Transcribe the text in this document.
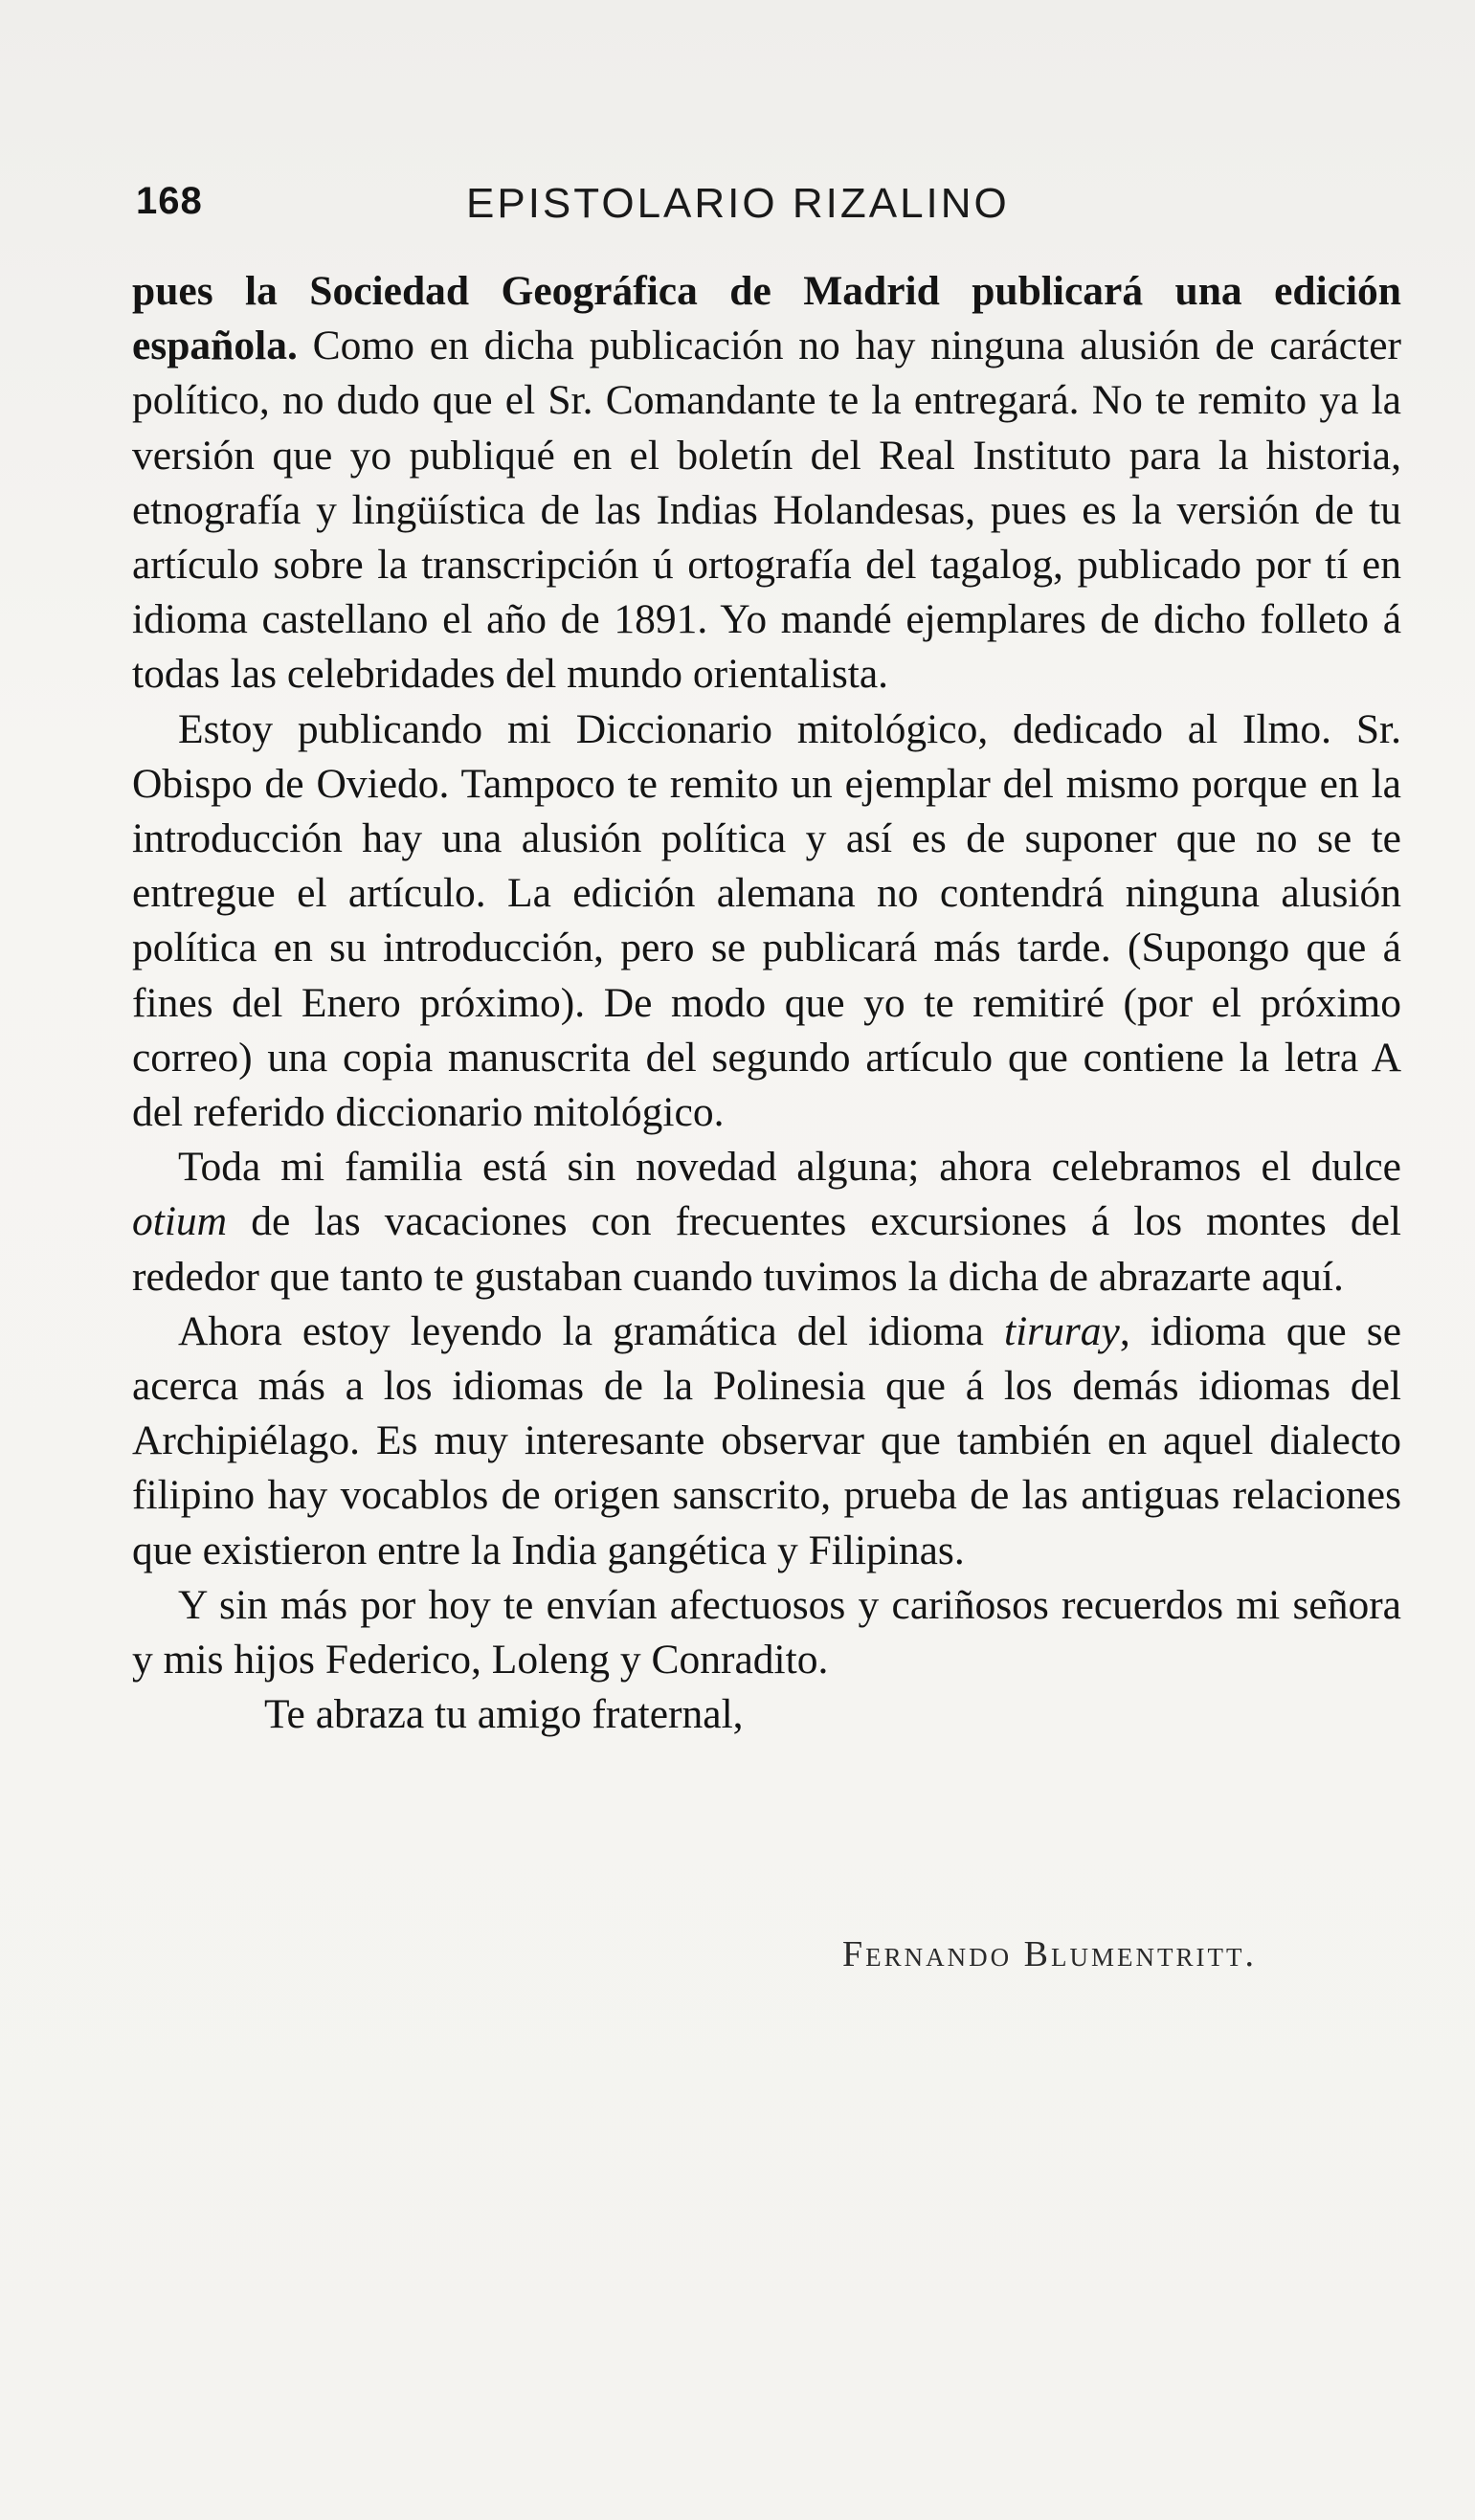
168	EPISTOLARIO RIZALINO

pues la Sociedad Geográfica de Madrid publicará una edición española. Como en dicha publicación no hay ninguna alusión de carácter político, no dudo que el Sr. Comandante te la entregará. No te remito ya la versión que yo publiqué en el boletín del Real Instituto para la historia, etnografía y lingüística de las Indias Holandesas, pues es la versión de tu artículo sobre la transcripción ú ortografía del tagalog, publicado por tí en idioma castellano el año de 1891. Yo mandé ejemplares de dicho folleto á todas las celebridades del mundo orientalista.

Estoy publicando mi Diccionario mitológico, dedicado al Ilmo. Sr. Obispo de Oviedo. Tampoco te remito un ejemplar del mismo porque en la introducción hay una alusión política y así es de suponer que no se te entregue el artículo. La edición alemana no contendrá ninguna alusión política en su introducción, pero se publicará más tarde. (Supongo que á fines del Enero próximo). De modo que yo te remitiré (por el próximo correo) una copia manuscrita del segundo artículo que contiene la letra A del referido diccionario mitológico.

Toda mi familia está sin novedad alguna; ahora celebramos el dulce otium de las vacaciones con frecuentes excursiones á los montes del rededor que tanto te gustaban cuando tuvimos la dicha de abrazarte aquí.

Ahora estoy leyendo la gramática del idioma tiruray, idioma que se acerca más a los idiomas de la Polinesia que á los demás idiomas del Archipiélago. Es muy interesante observar que también en aquel dialecto filipino hay vocablos de origen sanscrito, prueba de las antiguas relaciones que existieron entre la India gangética y Filipinas.

Y sin más por hoy te envían afectuosos y cariñosos recuerdos mi señora y mis hijos Federico, Loleng y Conradito.

Te abraza tu amigo fraternal,

Fernando Blumentritt.
